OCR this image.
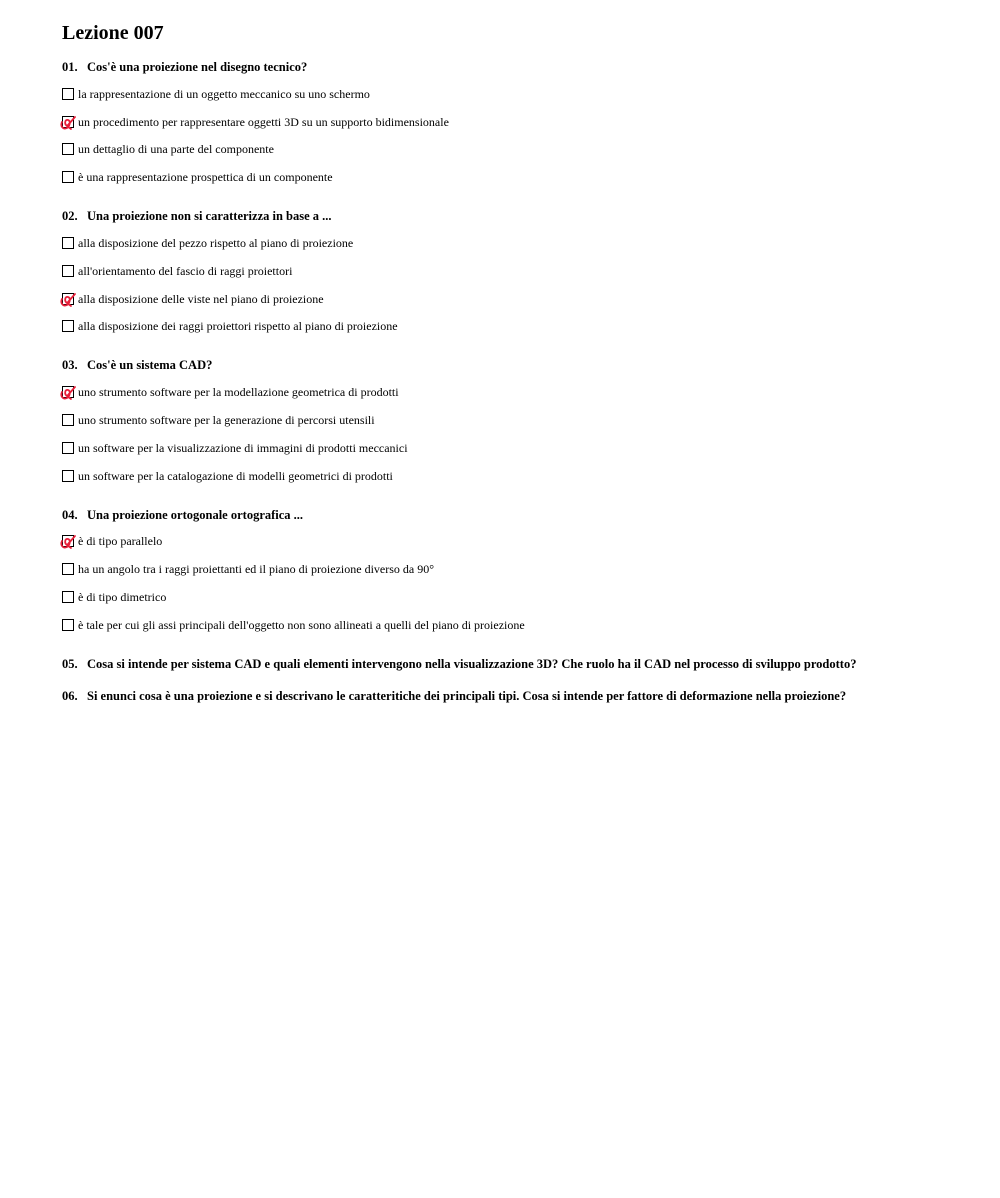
Lezione 007
01. Cos'è una proiezione nel disegno tecnico?
la rappresentazione di un oggetto meccanico su uno schermo
un procedimento per rappresentare oggetti 3D su un supporto bidimensionale
un dettaglio di una parte del componente
è una rappresentazione prospettica di un componente
02. Una proiezione non si caratterizza in base a ...
alla disposizione del pezzo rispetto al piano di proiezione
all'orientamento del fascio di raggi proiettori
alla disposizione delle viste nel piano di proiezione
alla disposizione dei raggi proiettori rispetto al piano di proiezione
03. Cos'è un sistema CAD?
uno strumento software per la modellazione geometrica di prodotti
uno strumento software per la generazione di percorsi utensili
un software per la visualizzazione di immagini di prodotti meccanici
un software per la catalogazione di modelli geometrici di prodotti
04. Una proiezione ortogonale ortografica ...
è di tipo parallelo
ha un angolo tra i raggi proiettanti ed il piano di proiezione diverso da 90°
è di tipo dimetrico
è tale per cui gli assi principali dell'oggetto non sono allineati a quelli del piano di proiezione
05. Cosa si intende per sistema CAD e quali elementi intervengono nella visualizzazione 3D? Che ruolo ha il CAD nel processo di sviluppo prodotto?
06. Si enunci cosa è una proiezione e si descrivano le caratteritiche dei principali tipi. Cosa si intende per fattore di deformazione nella proiezione?
